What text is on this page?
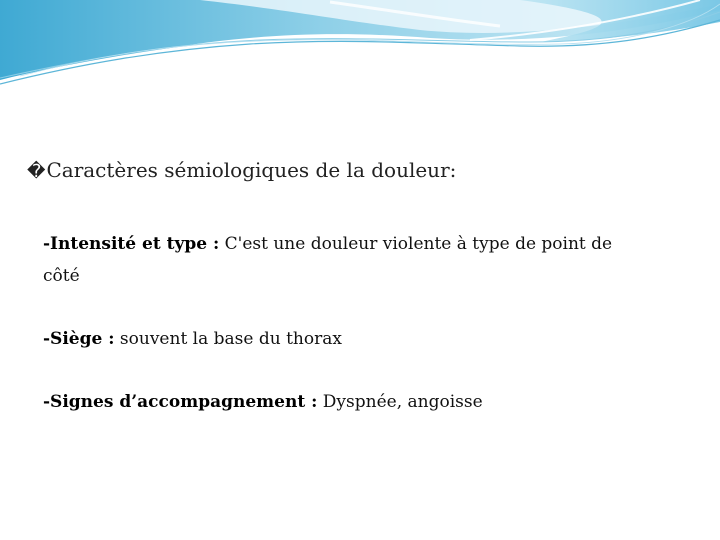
�Caractères sémiologiques de la douleur:
-Intensité et type : C'est une douleur violente à type de point de côté
-Siège : souvent la base du thorax
-Signes d’accompagnement : Dyspnée, angoisse
